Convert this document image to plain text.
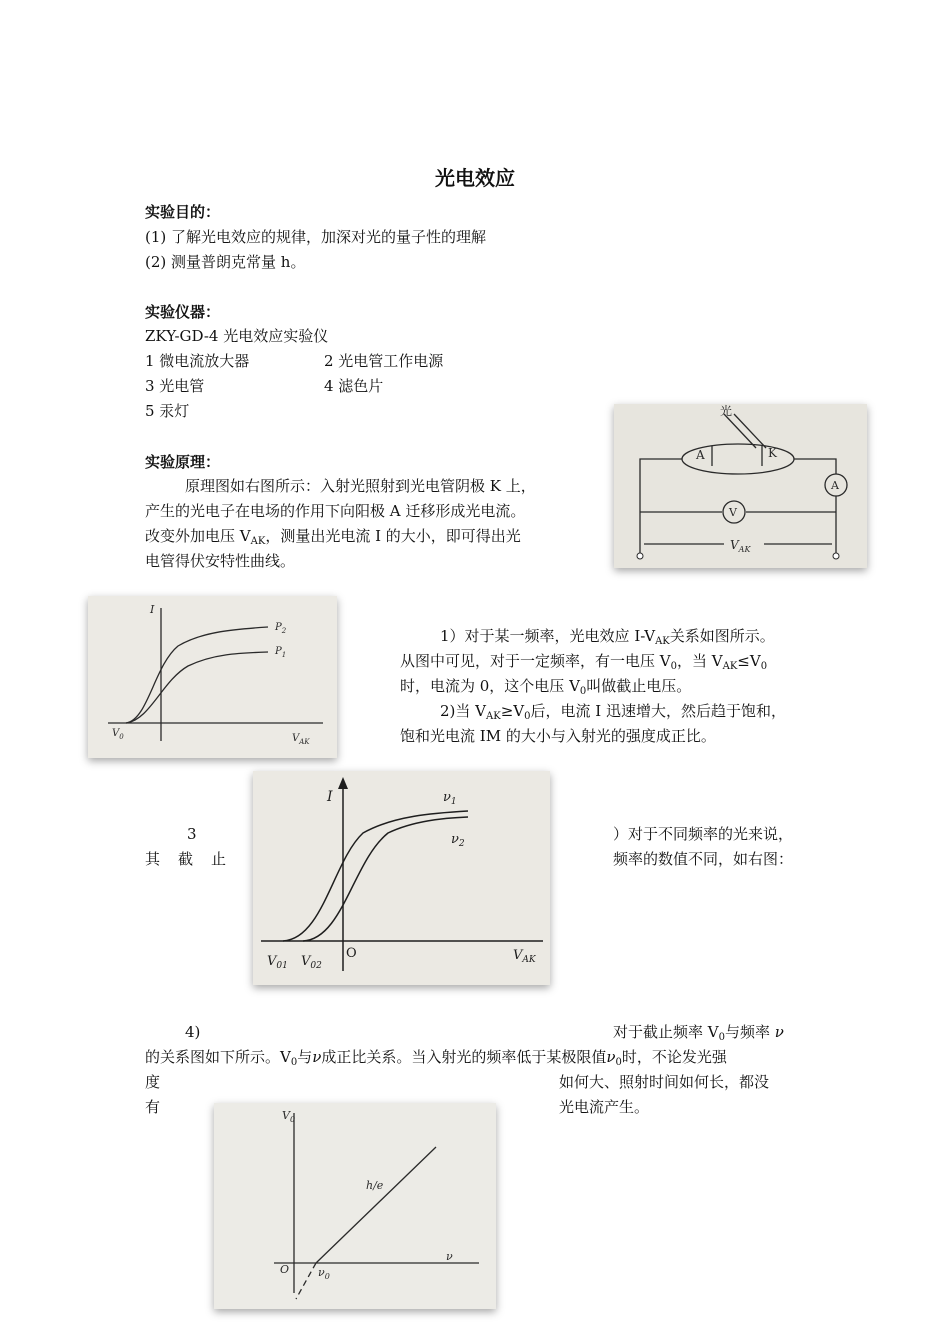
光电效应
实验目的：
(1) 了解光电效应的规律，加深对光的量子性的理解
(2) 测量普朗克常量 h。
实验仪器：
ZKY-GD-4 光电效应实验仪
1 微电流放大器	2 光电管工作电源
3 光电管	4 滤色片
5 汞灯
实验原理：
原理图如右图所示：入射光照射到光电管阴极 K 上，
产生的光电子在电场的作用下向阳极 A 迁移形成光电流。
改变外加电压 $V_{AK}$，测量出光电流 I 的大小，即可得出光
电管得伏安特性曲线。
光
A	K
A
V
$V_{AK}$
I
$P_2$
$P_1$
$V_0$	$V_{AK}$
1）对于某一频率，光电效应 $I-V_{AK}$关系如图所示。
从图中可见，对于一定频率，有一电压 $V_0$，当 $V_{AK}\le V_0$
时，电流为 0，这个电压 $V_0$叫做截止电压。
2)当 $V_{AK}\ge V_0$后，电流 I 迅速增大，然后趋于饱和，
饱和光电流 IM 的大小与入射光的强度成正比。
I	$\nu_1$
$\nu_2$
$V_{01}$ $V_{02}$
O	$V_{AK}$
3
其截止
）对于不同频率的光来说，
频率的数值不同，如右图：
4)	对于截止频率 $V_0$与频率 ν
的关系图如下所示。$V_0$与ν成正比关系。当入射光的频率低于某极限值$\nu_0$时，不论发光强
度	如何大、照射时间如何长，都没
有	光电流产生。
$V_0$
h/e
O	$\nu_0$
ν
